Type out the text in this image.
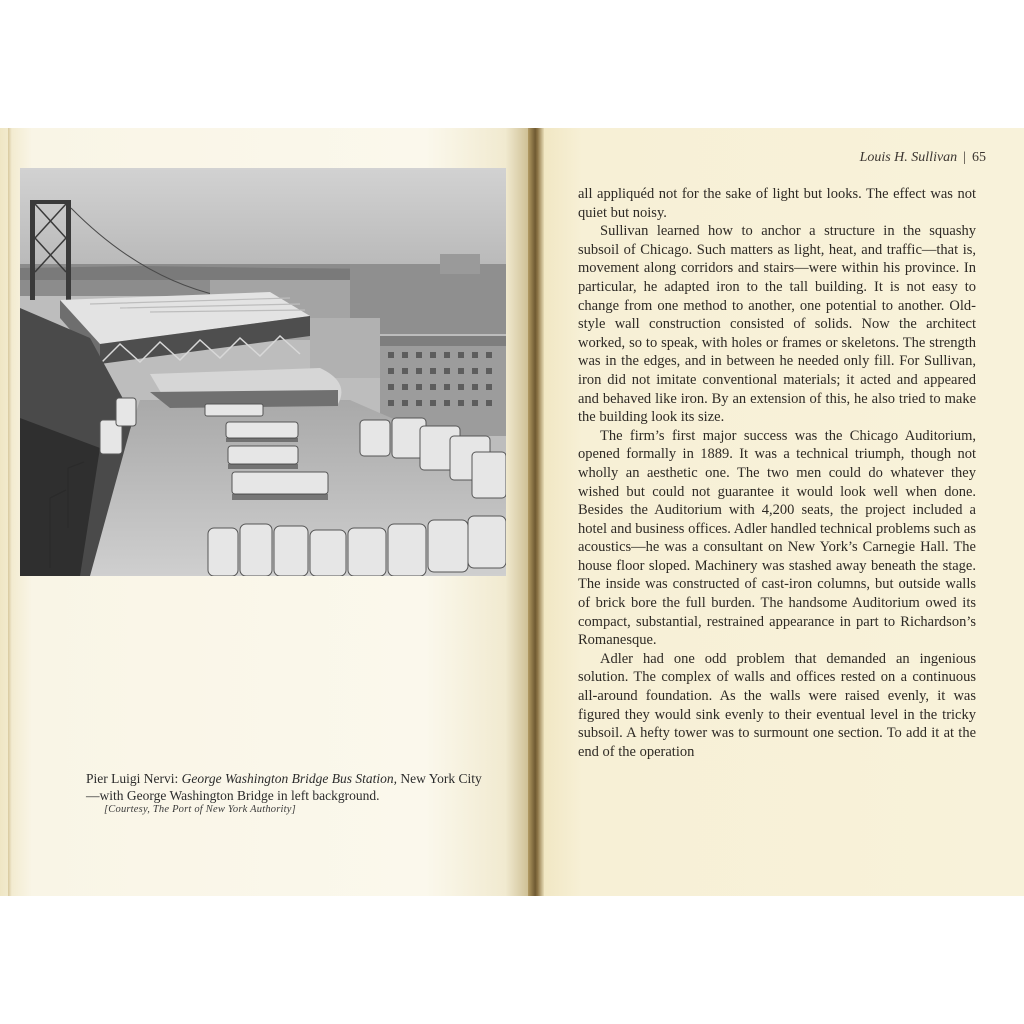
Pier Luigi Nervi: George Washington Bridge Bus Station, New York City
—with George Washington Bridge in left background.
[Courtesy, The Port of New York Authority]
Louis H. Sullivan | 65

all appliquéd not for the sake of light but looks. The effect was not quiet but noisy.

Sullivan learned how to anchor a structure in the squashy subsoil of Chicago. Such matters as light, heat, and traffic—that is, movement along corridors and stairs—were within his province. In particular, he adapted iron to the tall building. It is not easy to change from one method to another, one potential to another. Old-style wall construction consisted of solids. Now the architect worked, so to speak, with holes or frames or skeletons. The strength was in the edges, and in between he needed only fill. For Sullivan, iron did not imitate conventional materials; it acted and appeared and behaved like iron. By an extension of this, he also tried to make the building look its size.

The firm’s first major success was the Chicago Auditorium, opened formally in 1889. It was a technical triumph, though not wholly an aesthetic one. The two men could do whatever they wished but could not guarantee it would look well when done. Besides the Auditorium with 4,200 seats, the project included a hotel and business offices. Adler handled technical problems such as acoustics—he was a consultant on New York’s Carnegie Hall. The house floor sloped. Machinery was stashed away beneath the stage. The inside was constructed of cast-iron columns, but outside walls of brick bore the full burden. The handsome Auditorium owed its compact, substantial, restrained appearance in part to Richardson’s Romanesque.

Adler had one odd problem that demanded an ingenious solution. The complex of walls and offices rested on a continuous all-around foundation. As the walls were raised evenly, it was figured they would sink evenly to their eventual level in the tricky subsoil. A hefty tower was to surmount one section. To add it at the end of the operation
